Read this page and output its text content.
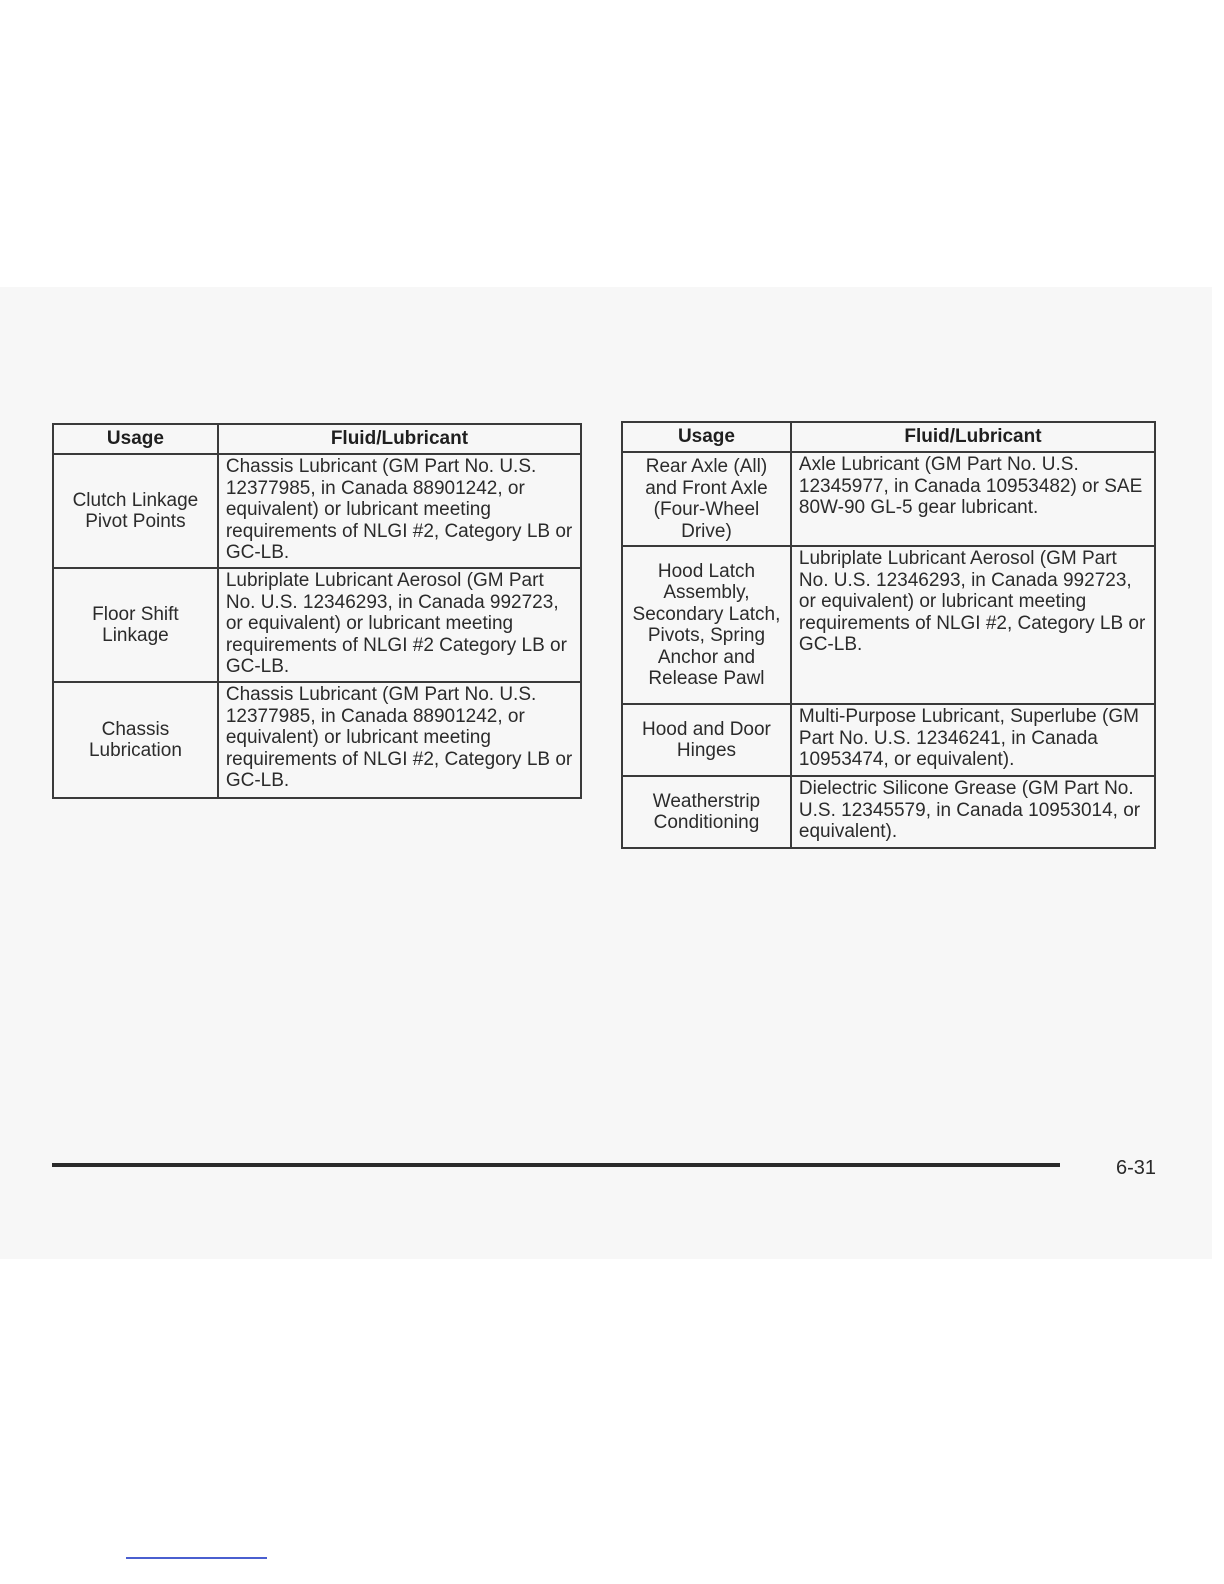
Usage	Fluid/Lubricant

Clutch Linkage Pivot Points	Chassis Lubricant (GM Part No. U.S. 12377985, in Canada 88901242, or equivalent) or lubricant meeting requirements of NLGI #2, Category LB or GC-LB.

Floor Shift Linkage	Lubriplate Lubricant Aerosol (GM Part No. U.S. 12346293, in Canada 992723, or equivalent) or lubricant meeting requirements of NLGI #2 Category LB or GC-LB.

Chassis Lubrication	Chassis Lubricant (GM Part No. U.S. 12377985, in Canada 88901242, or equivalent) or lubricant meeting requirements of NLGI #2, Category LB or GC-LB.
Usage	Fluid/Lubricant

Rear Axle (All) and Front Axle (Four-Wheel Drive)	Axle Lubricant (GM Part No. U.S. 12345977, in Canada 10953482) or SAE 80W-90 GL-5 gear lubricant.

Hood Latch Assembly, Secondary Latch, Pivots, Spring Anchor and Release Pawl	Lubriplate Lubricant Aerosol (GM Part No. U.S. 12346293, in Canada 992723, or equivalent) or lubricant meeting requirements of NLGI #2, Category LB or GC-LB.

Hood and Door Hinges	Multi-Purpose Lubricant, Superlube (GM Part No. U.S. 12346241, in Canada 10953474, or equivalent).

Weatherstrip Conditioning	Dielectric Silicone Grease (GM Part No. U.S. 12345579, in Canada 10953014, or equivalent).
6-31
